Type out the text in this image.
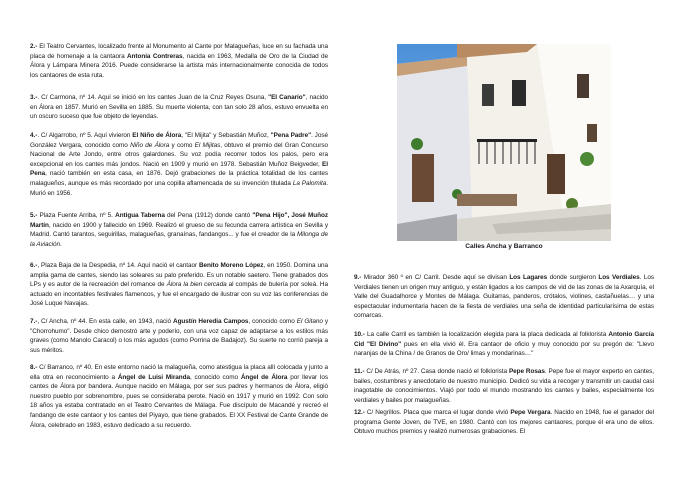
2.- El Teatro Cervantes, localizado frente al Monumento al Cante por Malagueñas, luce en su fachada una placa de homenaje a la cantaora Antonia Contreras, nacida en 1963, Medalla de Oro de la Ciudad de Álora y Lámpara Minera 2016. Puede considerarse la artista más internacionalmente conocida de todos los cantaores de esta ruta.

3.-. C/ Carmona, nº 14. Aquí se inició en los cantes Juan de la Cruz Reyes Osuna, "El Canario", nacido en Álora en 1857. Murió en Sevilla en 1885. Su muerte violenta, con tan solo 28 años, estuvo envuelta en un oscuro suceso que fue objeto de leyendas.

4.-. C/ Algarrobo, nº 5. Aquí vivieron El Niño de Álora, "El Mijita" y Sebastián Muñoz, "Pena Padre". José González Vergara, conocido como Niño de Álora y como El Mijitas, obtuvo el premio del Gran Concurso Nacional de Arte Jondo, entre otros galardones. Su voz podía recorrer todos los palos, pero era excepcional en los cantes más jondos. Nació en 1909 y murió en 1978. Sebastián Muñoz Beigveder, El Pena, nació también en esta casa, en 1876. Dejó grabaciones de la práctica totalidad de los cantes malagueños, aunque es más recordado por una copilla aflamencada de su invención titulada La Palomita. Murió en 1956.

5.- Plaza Fuente Arriba, nº 5. Antigua Taberna del Pena (1912) donde cantó "Pena Hijo", José Muñoz Martín, nacido en 1900 y fallecido en 1969. Realizó el grueso de su fecunda carrera artística en Sevilla y Madrid. Cantó tarantos, seguirillas, malagueñas, granaínas, fandangos... y fue el creador de la Milonga de la Aviación.

6.-, Plaza Baja de la Despedia, nº 14. Aquí nació el cantaor Benito Moreno López, en 1950. Domina una amplia gama de cantes, siendo las soleares su palo preferido. Es un notable saetero. Tiene grabados dos LPs y es autor de la recreación del romance de Álora la bien cercada al compás de bulería por soleá. Ha actuado en incontables festivales flamencos, y fue el encargado de ilustrar con su voz las conferencias de José Luque Navajas.

7.-, C/ Ancha, nº 44. En esta calle, en 1943, nació Agustín Heredia Campos, conocido como El Gitano y "Chorrohumo". Desde chico demostró arte y poderío, con una voz capaz de adaptarse a los estilos más graves (como Manolo Caracol) o los más agudos (como Porrina de Badajoz). Su suerte no corrió pareja a sus méritos.

8.- C/ Barranco, nº 40. En este entorno nació la malagueña, como atestigua la placa allí colocada y junto a ella otra en reconocimiento a Ángel de Luisi Miranda, conocido como Ángel de Álora por llevar los cantes de Álora por bandera. Aunque nacido en Málaga, por ser sus padres y hermanos de Álora, eligió nuestro pueblo por sobrenombre, pues se consideraba perote. Nació en 1917 y murió en 1992. Con solo 18 años ya estaba contratado en el Teatro Cervantes de Málaga. Fue discípulo de Macandé y recreó el fandango de este cantaor y los cantes del Piyayo, que tiene grabados. El XX Festival de Cante Grande de Álora, celebrado en 1983, estuvo dedicado a su recuerdo.

Calles Ancha y Barranco

9.- Mirador 360 º en C/ Carril. Desde aquí se divisan Los Lagares donde surgieron Los Verdiales. Los Verdiales tienen un origen muy antiguo, y están ligados a los campos de vid de las zonas de la Axarquía, el Valle del Guadalhorce y Montes de Málaga. Guitarras, panderos, crótalos, violines, castañuelas… y una espectacular indumentaria hacen de la fiesta de verdiales una seña de identidad particularísima de estas comarcas.

10.- La calle Carril es también la localización elegida para la placa dedicada al folklorista Antonio García Cid "El Divino" pues en ella vivió él. Era cantaor de oficio y muy conocido por su pregón de: "Llevo naranjas de la China / de Granos de Oro/ limas y mondarinas…"

11.- C/ De Atrás, nº 27. Casa donde nació el folklorista Pepe Rosas. Pepe fue el mayor experto en cantes, bailes, costumbres y anecdotario de nuestro municipio. Dedicó su vida a recoger y transmitir un caudal casi inagotable de conocimientos. Viajó por todo el mundo mostrando los cantes y bailes, especialmente los verdiales y bailes por malagueñas.

12.- C/ Negrillos. Placa que marca el lugar donde vivió Pepe Vergara. Nacido en 1948, fue el ganador del programa Gente Joven, de TVE, en 1980. Cantó con los mejores cantaores, porque él era uno de ellos. Obtuvo muchos premios y realizó numerosas grabaciones. El
